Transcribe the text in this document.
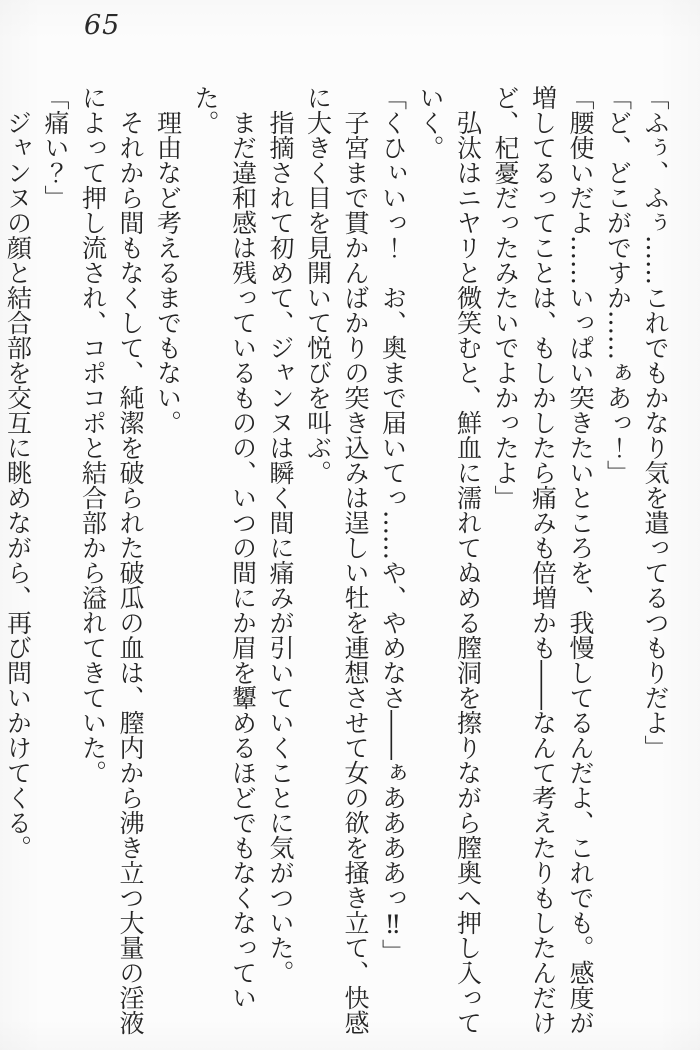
65

「ふぅ、ふぅ……これでもかなり気を遣ってるつもりだよ」

「ど、どこがですか……ぁあっ！」

「腰使いだよ……いっぱい突きたいところを、我慢してるんだよ、これでも。感度が増してるってことは、もしかしたら痛みも倍増かも――なんて考えたりもしたんだけど、杞憂だったみたいでよかったよ」

弘汰はニヤリと微笑むと、鮮血に濡れてぬめる膣洞を擦りながら膣奥へ押し入っていく。

「くひぃいっ！　お、奥まで届いてっ……や、やめなさ――ぁああああっ‼」

子宮まで貫かんばかりの突き込みは逞しい牡を連想させて女の欲を掻き立て、快感に大きく目を見開いて悦びを叫ぶ。

指摘されて初めて、ジャンヌは瞬く間に痛みが引いていくことに気がついた。

まだ違和感は残っているものの、いつの間にか眉を顰めるほどでもなくなっていた。

理由など考えるまでもない。

それから間もなくして、純潔を破られた破瓜の血は、膣内から沸き立つ大量の淫液によって押し流され、コポコポと結合部から溢れてきていた。

「痛い？」

ジャンヌの顔と結合部を交互に眺めながら、再び問いかけてくる。
